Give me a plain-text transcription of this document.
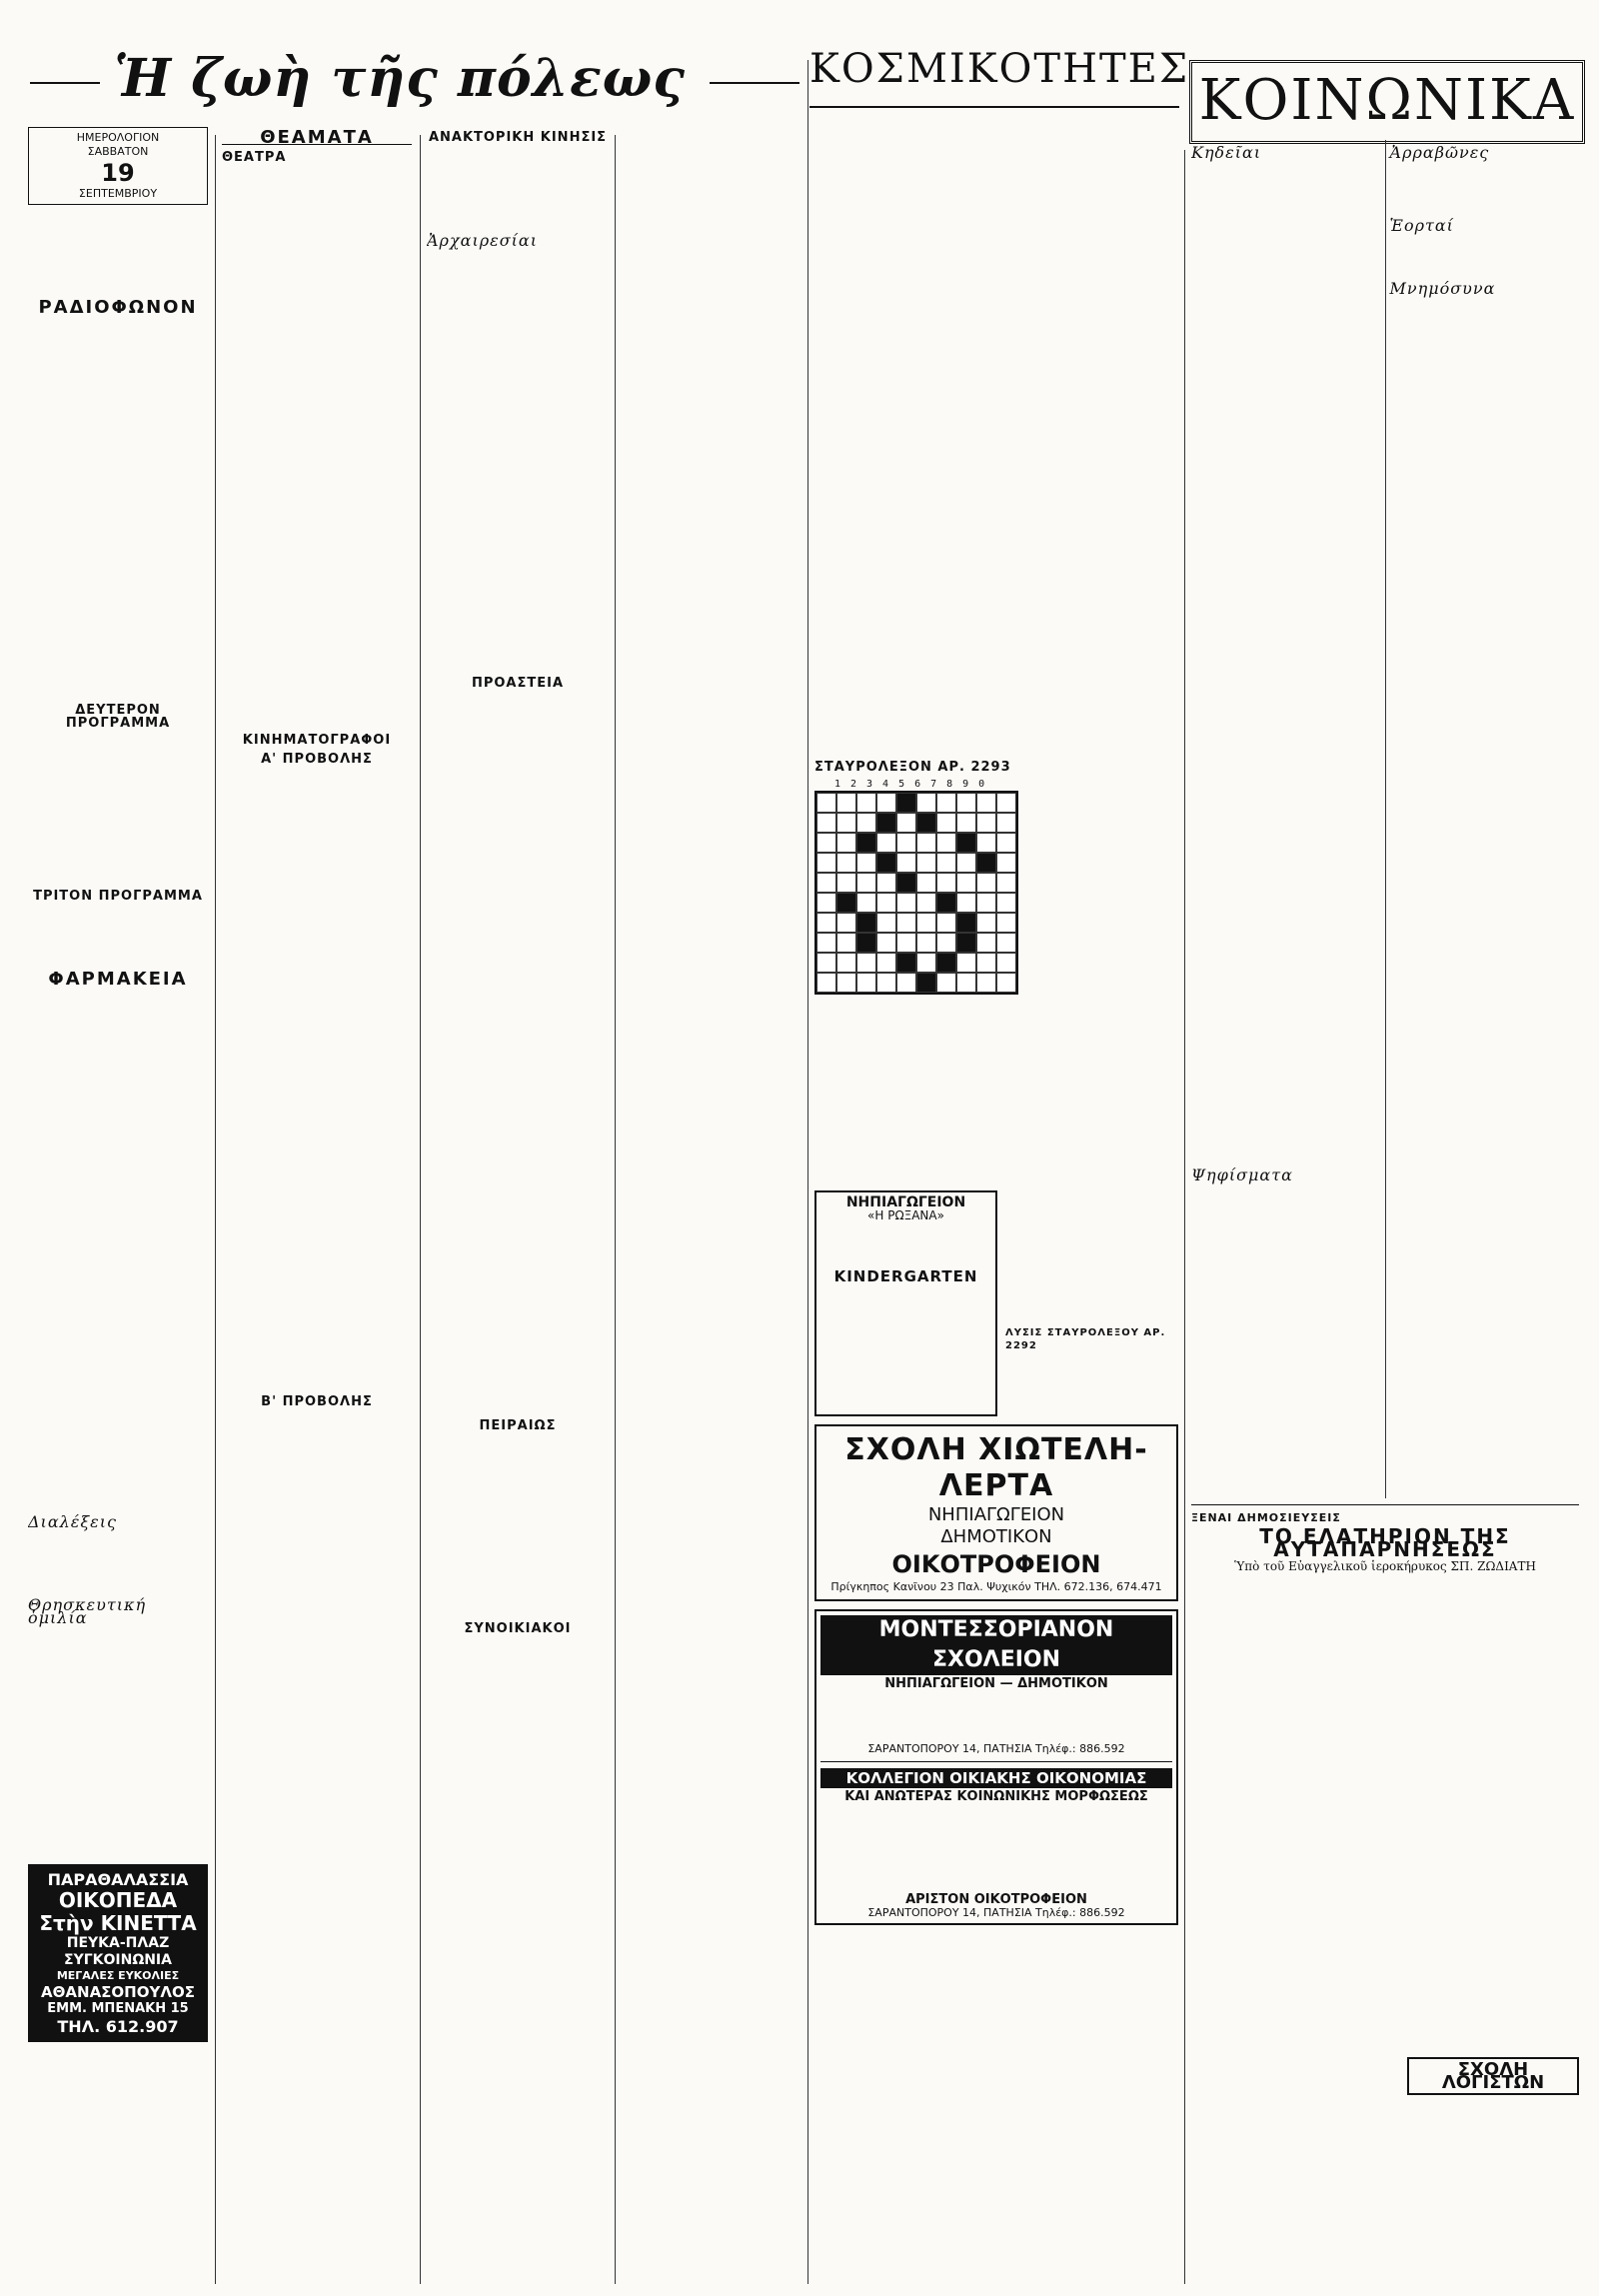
Ἡ ζωὴ τῆς πόλεως	ΚΟΣΜΙΚΟΤΗΤΕΣ ΚΟΙΝΩΝΙΚΑ
ΗΜΕΡΟΛΟΓΙΟΝ
ΣΑΒΒΑΤΟΝ
19
ΣΕΠΤΕΜΒΡΙΟΥ
ΡΑΔΙΟΦΩΝΟΝ
ΔΕΥΤΕΡΟΝ ΠΡΟΓΡΑΜΜΑ
ΤΡΙΤΟΝ ΠΡΟΓΡΑΜΜΑ
ΦΑΡΜΑΚΕΙΑ
Διαλέξεις
Θρησκευτική ὁμιλία
ΠΑΡΑΘΑΛΑΣΣΙΑ
ΟΙΚΟΠΕΔΑ
Στὴν ΚΙΝΕΤΤΑ
ΠΕΥΚΑ-ΠΛΑΖ
ΣΥΓΚΟΙΝΩΝΙΑ
ΜΕΓΑΛΕΣ ΕΥΚΟΛΙΕΣ
ΑΘΑΝΑΣΟΠΟΥΛΟΣ
ΕΜΜ. ΜΠΕΝΑΚΗ 15
ΤΗΛ. 612.907
ΘΕΑΜΑΤΑ
ΘΕΑΤΡΑ
ΚΙΝΗΜΑΤΟΓΡΑΦΟΙ
Α' ΠΡΟΒΟΛΗΣ
Β' ΠΡΟΒΟΛΗΣ
ΑΝΑΚΤΟΡΙΚΗ ΚΙΝΗΣΙΣ
Ἀρχαιρεσίαι
ΠΡΟΑΣΤΕΙΑ
ΠΕΙΡΑΙΩΣ
ΣΥΝΟΙΚΙΑΚΟΙ
ΣΤΑΥΡΟΛΕΞΟΝ ΑΡ. 2293
1234567890
ΝΗΠΙΑΓΩΓΕΙΟΝ
«Η ΡΩΞΑΝΑ»
KINDERGARTEN
ΛΥΣΙΣ ΣΤΑΥΡΟΛΕΞΟΥ ΑΡ. 2292
ΣΧΟΛΗ ΧΙΩΤΕΛΗ-ΛΕΡΤΑ
ΝΗΠΙΑΓΩΓΕΙΟΝ
ΔΗΜΟΤΙΚΟΝ
ΟΙΚΟΤΡΟΦΕΙΟΝ
Πρίγκηπος Κανῖνου 23 Παλ. Ψυχικόν ΤΗΛ. 672.136, 674.471
ΜΟΝΤΕΣΣΟΡΙΑΝΟΝ ΣΧΟΛΕΙΟΝ
ΝΗΠΙΑΓΩΓΕΙΟΝ — ΔΗΜΟΤΙΚΟΝ
ΣΑΡΑΝΤΟΠΟΡΟΥ 14, ΠΑΤΗΣΙΑ Τηλέφ.: 886.592
ΚΟΛΛΕΓΙΟΝ ΟΙΚΙΑΚΗΣ ΟΙΚΟΝΟΜΙΑΣ
ΚΑΙ ΑΝΩΤΕΡΑΣ ΚΟΙΝΩΝΙΚΗΣ ΜΟΡΦΩΣΕΩΣ
ΑΡΙΣΤΟΝ ΟΙΚΟΤΡΟΦΕΙΟΝ
ΣΑΡΑΝΤΟΠΟΡΟΥ 14, ΠΑΤΗΣΙΑ Τηλέφ.: 886.592
Κηδεῖαι
Ψηφίσματα
Ἀρραβῶνες
Ἑορταί
Μνημόσυνα
ΞΕΝΑΙ ΔΗΜΟΣΙΕΥΣΕΙΣ
ΤΟ ΕΛΑΤΗΡΙΟΝ ΤΗΣ ΑΥΤΑΠΑΡΝΗΣΕΩΣ
Ὑπὸ τοῦ Εὐαγγελικοῦ ἱεροκήρυκος ΣΠ. ΖΩΔΙΑΤΗ
ΣΧΟΛΗ ΛΟΓΙΣΤΩΝ
